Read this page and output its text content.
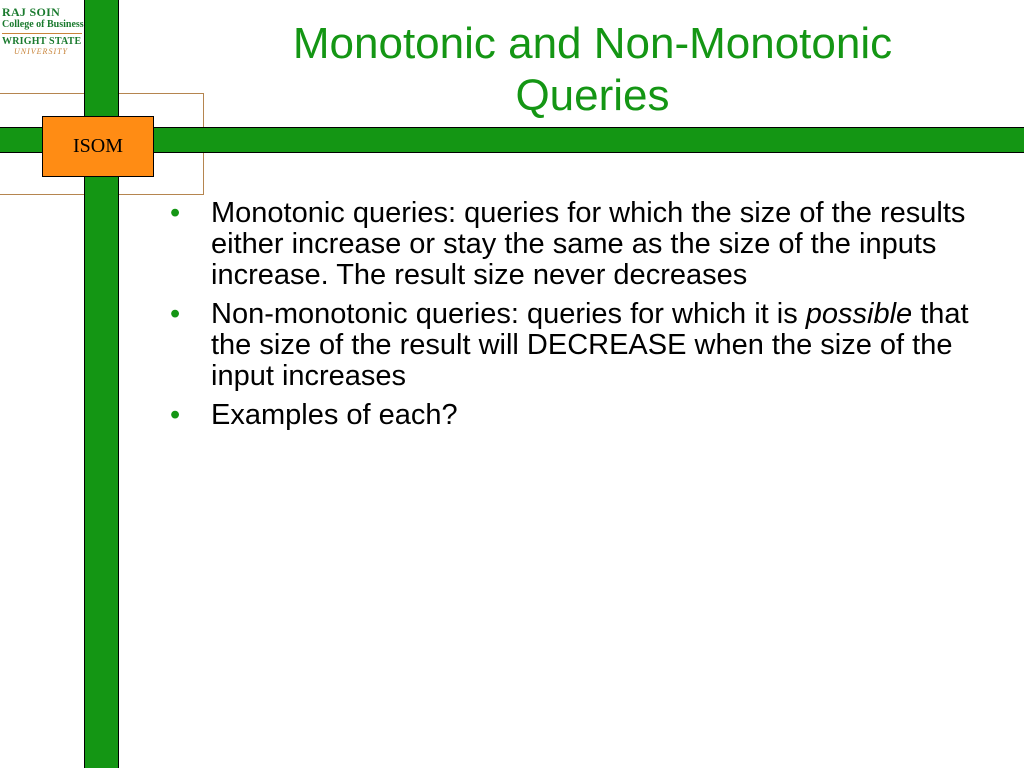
RAJ SOIN
College of Business
WRIGHT STATE
UNIVERSITY
ISOM
Monotonic and Non-Monotonic Queries
• Monotonic queries: queries for which the size of the results either increase or stay the same as the size of the inputs increase. The result size never decreases
• Non-monotonic queries: queries for which it is possible that the size of the result will DECREASE when the size of the input increases
• Examples of each?
